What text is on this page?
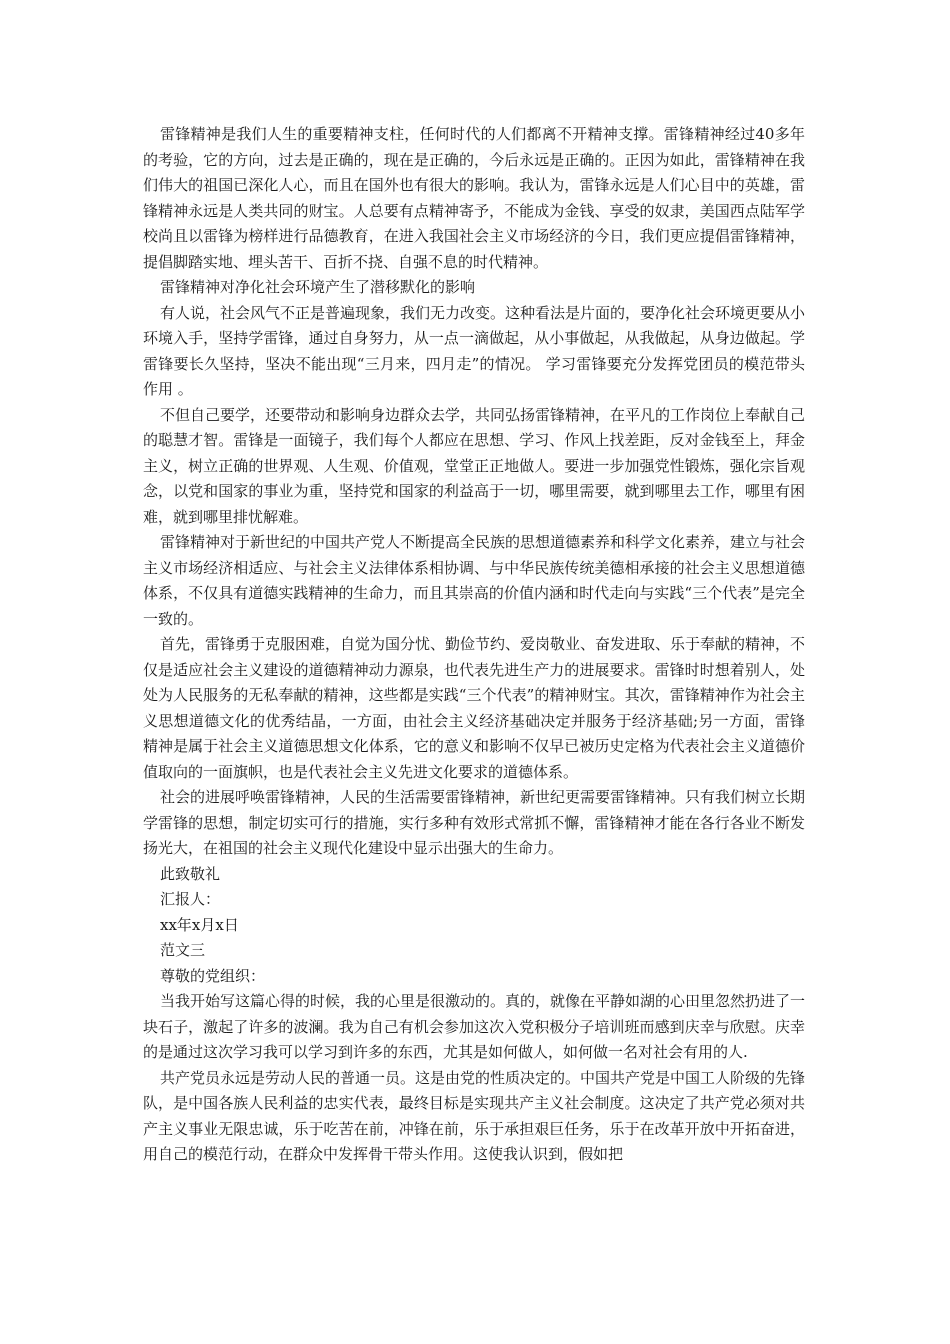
雷锋精神是我们人生的重要精神支柱，任何时代的人们都离不开精神支撑。雷锋精神经过40多年的考验，它的方向，过去是正确的，现在是正确的，今后永远是正确的。正因为如此，雷锋精神在我们伟大的祖国已深化人心，而且在国外也有很大的影响。我认为，雷锋永远是人们心目中的英雄，雷锋精神永远是人类共同的财宝。人总要有点精神寄予，不能成为金钱、享受的奴隶，美国西点陆军学校尚且以雷锋为榜样进行品德教育，在进入我国社会主义市场经济的今日，我们更应提倡雷锋精神，提倡脚踏实地、埋头苦干、百折不挠、自强不息的时代精神。

雷锋精神对净化社会环境产生了潜移默化的影响

有人说，社会风气不正是普遍现象，我们无力改变。这种看法是片面的，要净化社会环境更要从小环境入手，坚持学雷锋，通过自身努力，从一点一滴做起，从小事做起，从我做起，从身边做起。学雷锋要长久坚持，坚决不能出现“三月来，四月走”的情况。 学习雷锋要充分发挥党团员的模范带头作用 。

不但自己要学，还要带动和影响身边群众去学，共同弘扬雷锋精神，在平凡的工作岗位上奉献自己的聪慧才智。雷锋是一面镜子，我们每个人都应在思想、学习、作风上找差距，反对金钱至上，拜金主义，树立正确的世界观、人生观、价值观，堂堂正正地做人。要进一步加强党性锻炼，强化宗旨观念，以党和国家的事业为重，坚持党和国家的利益高于一切，哪里需要，就到哪里去工作，哪里有困难，就到哪里排忧解难。

雷锋精神对于新世纪的中国共产党人不断提高全民族的思想道德素养和科学文化素养，建立与社会主义市场经济相适应、与社会主义法律体系相协调、与中华民族传统美德相承接的社会主义思想道德体系，不仅具有道德实践精神的生命力，而且其崇高的价值内涵和时代走向与实践“三个代表”是完全一致的。

首先，雷锋勇于克服困难，自觉为国分忧、勤俭节约、爱岗敬业、奋发进取、乐于奉献的精神，不仅是适应社会主义建设的道德精神动力源泉，也代表先进生产力的进展要求。雷锋时时想着别人，处处为人民服务的无私奉献的精神，这些都是实践“三个代表”的精神财宝。其次，雷锋精神作为社会主义思想道德文化的优秀结晶，一方面，由社会主义经济基础决定并服务于经济基础;另一方面，雷锋精神是属于社会主义道德思想文化体系，它的意义和影响不仅早已被历史定格为代表社会主义道德价值取向的一面旗帜，也是代表社会主义先进文化要求的道德体系。

社会的进展呼唤雷锋精神，人民的生活需要雷锋精神，新世纪更需要雷锋精神。只有我们树立长期学雷锋的思想，制定切实可行的措施，实行多种有效形式常抓不懈，雷锋精神才能在各行各业不断发扬光大，在祖国的社会主义现代化建设中显示出强大的生命力。

此致敬礼

汇报人：

xx年x月x日

范文三

尊敬的党组织：

当我开始写这篇心得的时候，我的心里是很激动的。真的，就像在平静如湖的心田里忽然扔进了一块石子，激起了许多的波澜。我为自己有机会参加这次入党积极分子培训班而感到庆幸与欣慰。庆幸的是通过这次学习我可以学习到许多的东西，尤其是如何做人，如何做一名对社会有用的人.

共产党员永远是劳动人民的普通一员。这是由党的性质决定的。中国共产党是中国工人阶级的先锋队，是中国各族人民利益的忠实代表，最终目标是实现共产主义社会制度。这决定了共产党必须对共产主义事业无限忠诚，乐于吃苦在前，冲锋在前，乐于承担艰巨任务，乐于在改革开放中开拓奋进，用自己的模范行动，在群众中发挥骨干带头作用。这使我认识到，假如把
